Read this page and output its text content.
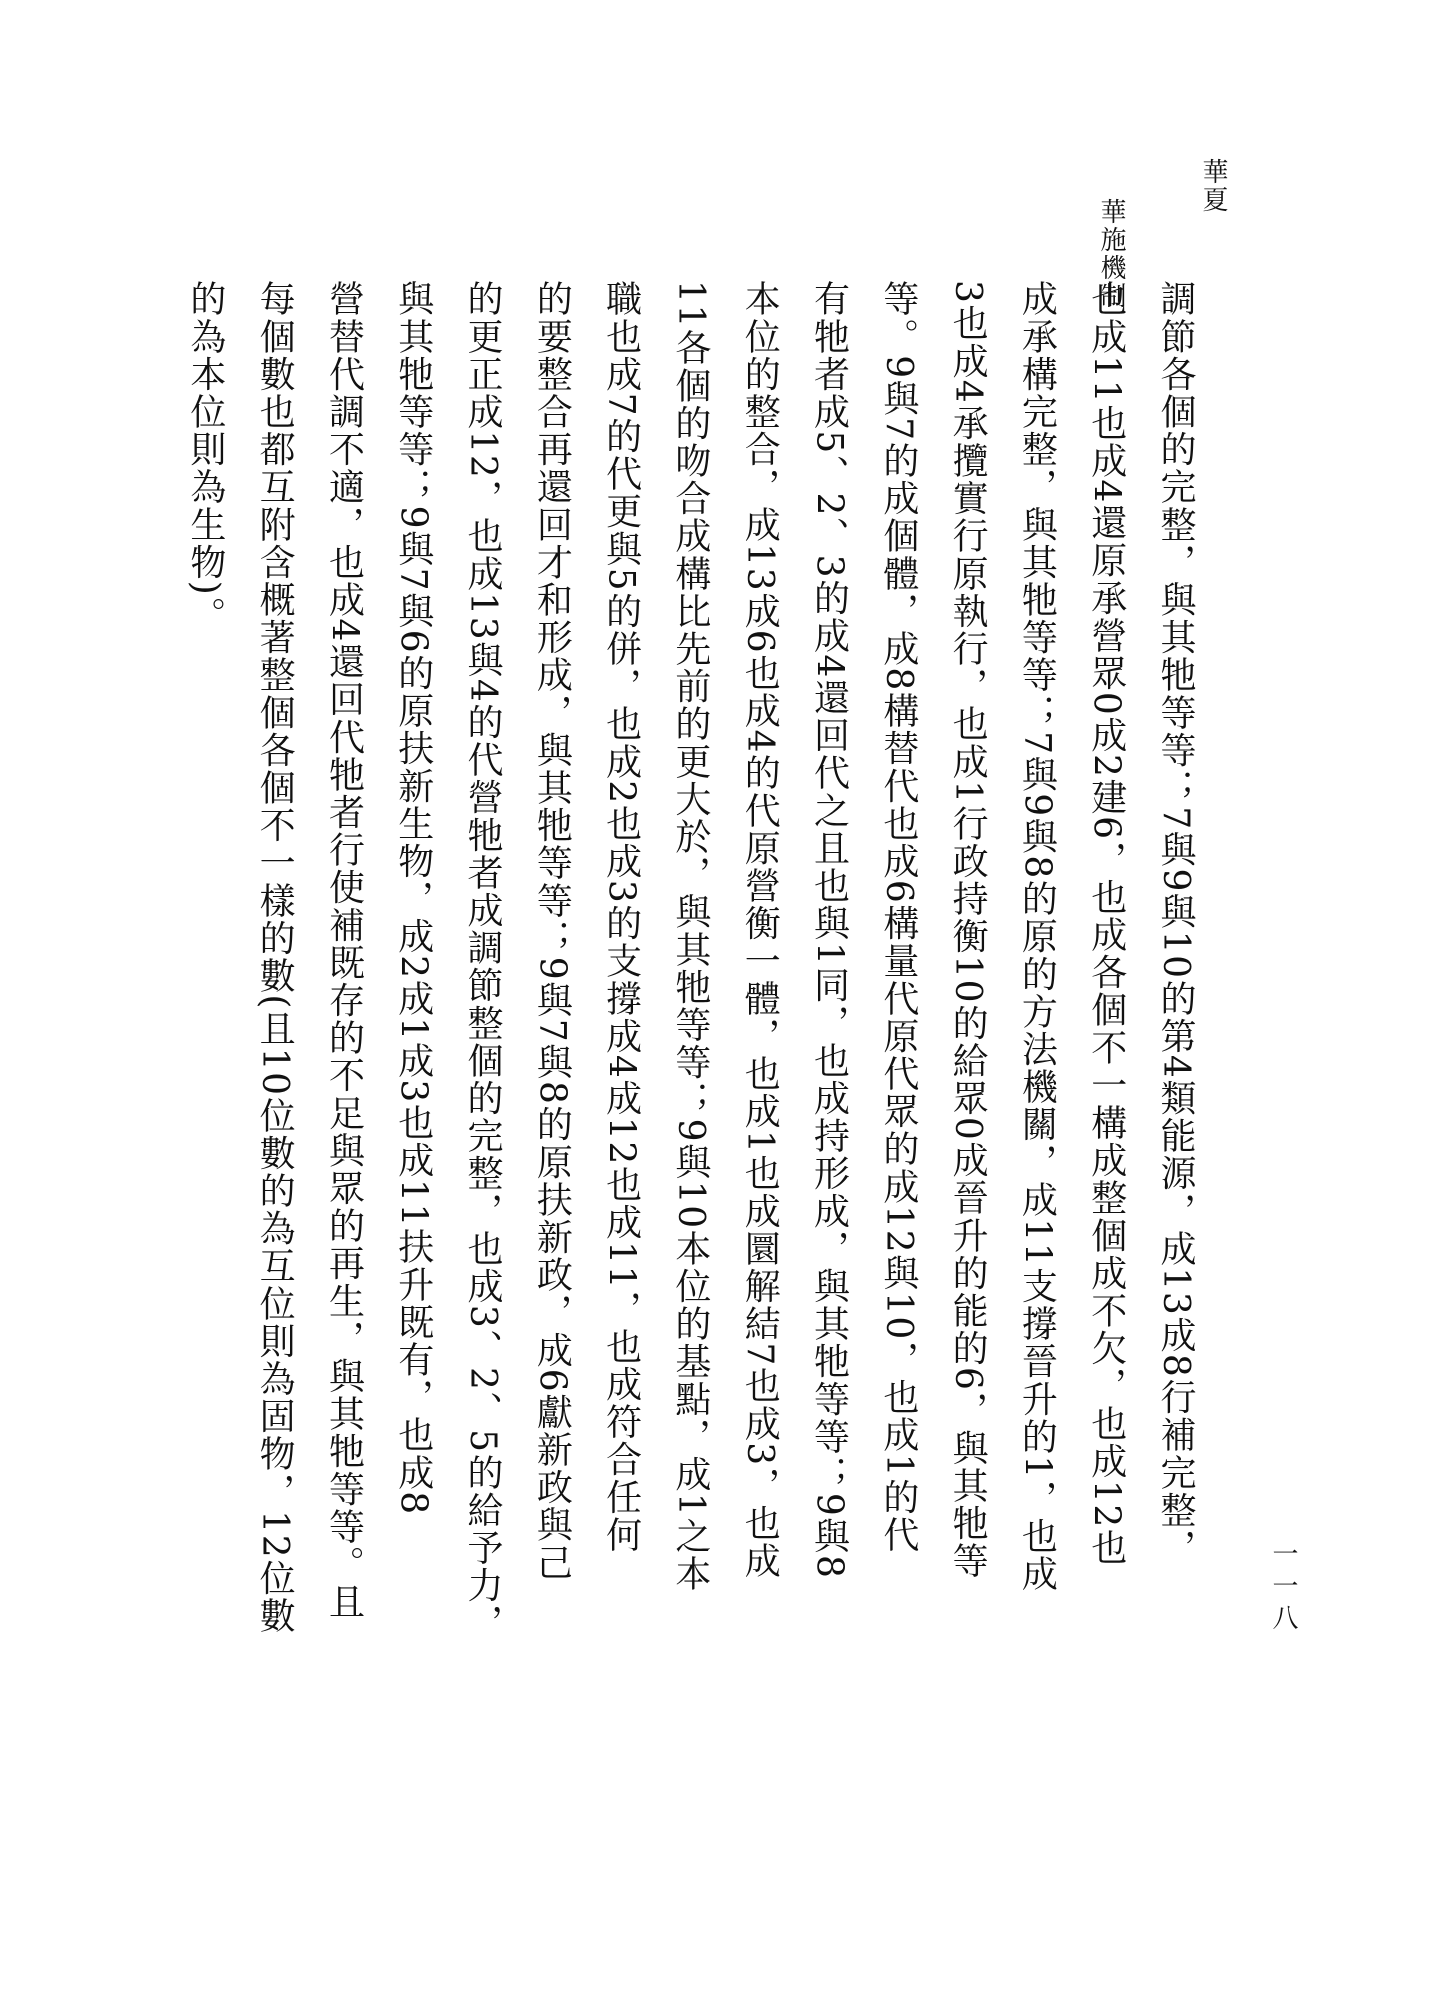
華夏

華施機制

調節各個的完整，與其牠等等；7與9與10的第4類能源，成13成8行補完整，
也成11也成4還原承營眾0成2建6，也成各個不一構成整個成不欠，也成12也
成承構完整，與其牠等等；7與9與8的原的方法機關，成11支撐晉升的1，也成
3也成4承攬實行原執行，也成1行政持衡10的給眾0成晉升的能的6，與其牠等
等。9與7的成個體，成8構替代也成6構量代原代眾的成12與10，也成1的代
有牠者成5、2、3的成4還回代之且也與1同，也成持形成，與其牠等等；9與8
本位的整合，成13成6也成4的代原營衡一體，也成1也成圜解結7也成3，也成
11各個的吻合成構比先前的更大於，與其牠等等；9與10本位的基點，成1之本
職也成7的代更與5的併，也成2也成3的支撐成4成12也成11，也成符合任何
的要整合再還回才和形成，與其牠等等；9與7與8的原扶新政，成6獻新政與己
的更正成12，也成13與4的代營牠者成調節整個的完整，也成3、2、5的給予力，
與其牠等等；9與7與6的原扶新生物，成2成1成3也成11扶升既有，也成8
營替代調不適，也成4還回代牠者行使補既存的不足與眾的再生，與其牠等等。且
每個數也都互附含概著整個各個不一樣的數(且10位數的為互位則為固物，12位數
的為本位則為生物)。
一一八
